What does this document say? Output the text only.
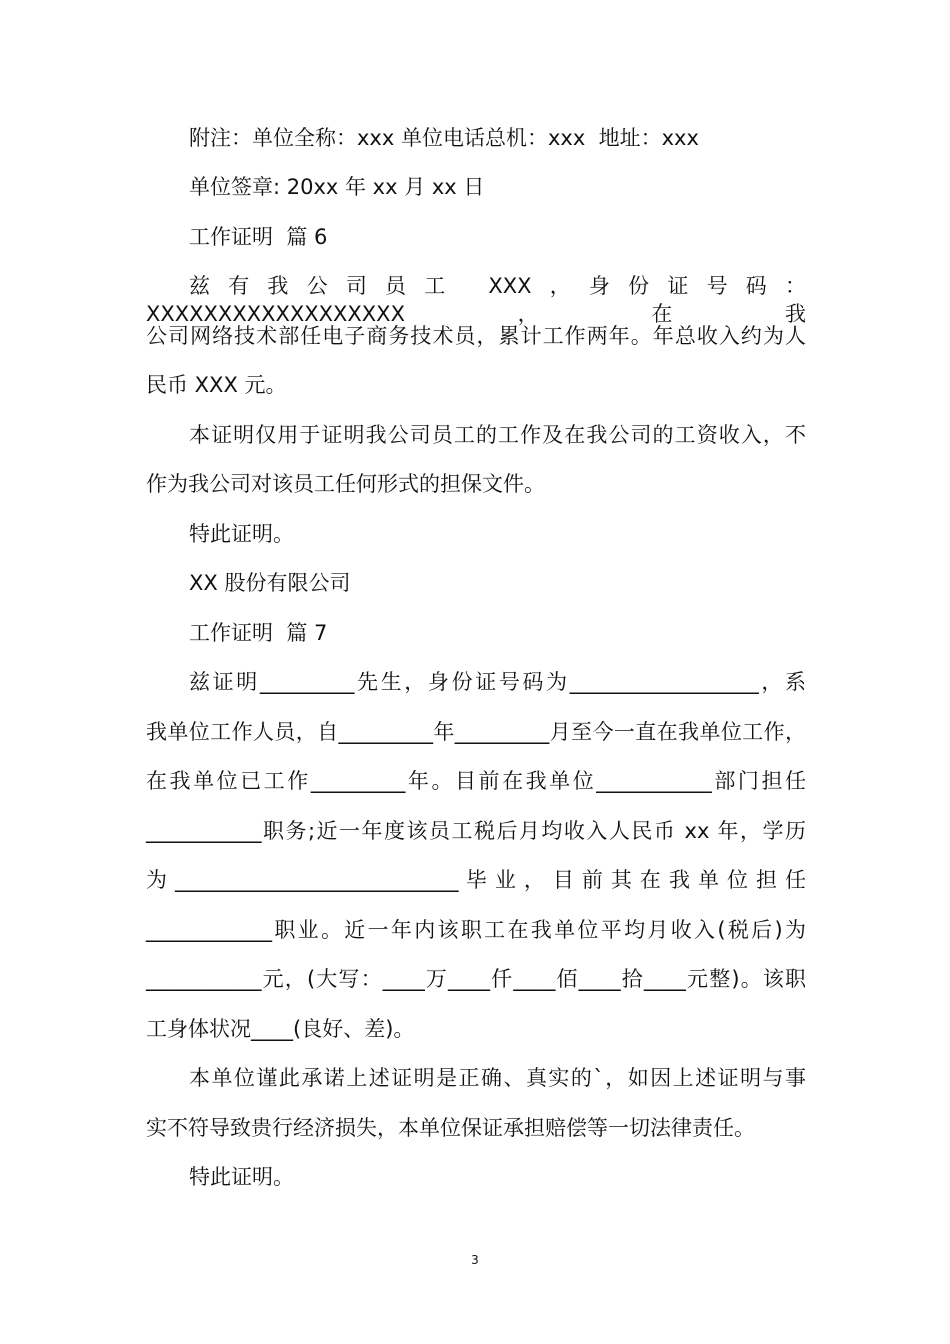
附注：单位全称：xxx 单位电话总机：xxx  地址：xxx
单位签章: 20xx 年 xx 月 xx 日
工作证明  篇 6
兹有我公司员工 XXX，身份证号码：XXXXXXXXXXXXXXXXXX，在我
公司网络技术部任电子商务技术员，累计工作两年。年总收入约为人
民币 XXX 元。
本证明仅用于证明我公司员工的工作及在我公司的工资收入，不
作为我公司对该员工任何形式的担保文件。
特此证明。
XX 股份有限公司
工作证明  篇 7
兹证明_________先生，身份证号码为__________________，系
我单位工作人员，自_________年_________月至今一直在我单位工作，
在我单位已工作_________年。目前在我单位___________部门担任
___________职务;近一年度该员工税后月均收入人民币 xx 年，学历
为 ___________________________ 毕 业 ， 目 前 其 在 我 单 位 担 任
____________职业。近一年内该职工在我单位平均月收入(税后)为
___________元，(大写：____万____仟____佰____拾____元整)。该职
工身体状况____(良好、差)。
本单位谨此承诺上述证明是正确、真实的`，如因上述证明与事
实不符导致贵行经济损失，本单位保证承担赔偿等一切法律责任。
特此证明。
3
